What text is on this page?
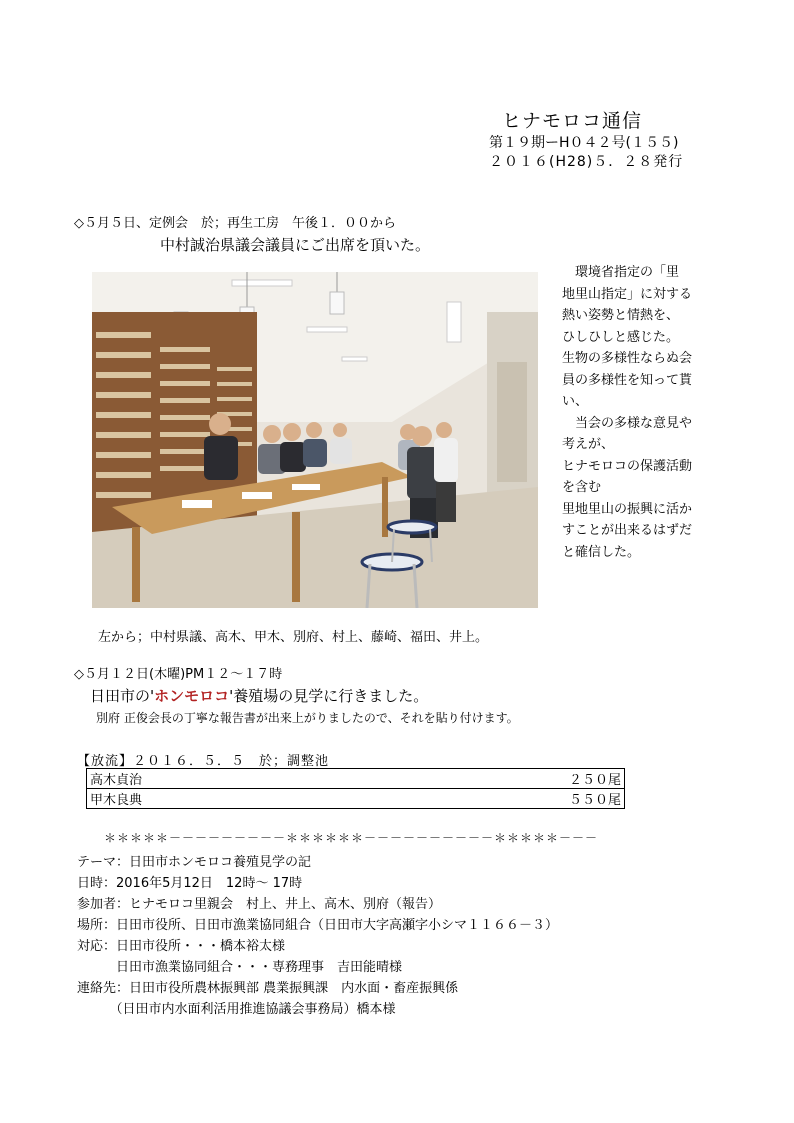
ヒナモロコ通信
第１９期ーH０４２号(１５５)
２０１６(H28)５．２８発行
◇５月５日、定例会　於；再生工房　午後１．００から
中村誠治県議会議員にご出席を頂いた。
　環境省指定の「里
地里山指定」に対する
熱い姿勢と情熱を、
ひしひしと感じた。
生物の多様性ならぬ会
員の多様性を知って貰
い、
　当会の多様な意見や
考えが、
ヒナモロコの保護活動
を含む
里地里山の振興に活か
すことが出来るはずだ
と確信した。
左から；中村県議、高木、甲木、別府、村上、藤崎、福田、井上。
◇５月１２日(木曜)PM１２～１７時
日田市の'ホンモロコ'養殖場の見学に行きました。
別府 正俊会長の丁寧な報告書が出来上がりましたので、それを貼り付けます。
【放流】２０１６．５．５　於；調整池
高木貞治	２５０尾
甲木良典	５５０尾
＊＊＊＊＊－－－－－－－－－＊＊＊＊＊＊－－－－－－－－－－＊＊＊＊＊－－－
テーマ：日田市ホンモロコ養殖見学の記
日時：2016年5月12日　12時～ 17時
参加者：ヒナモロコ里親会　村上、井上、高木、別府（報告）
場所：日田市役所、日田市漁業協同組合（日田市大字高瀬字小シマ１１６６－３）
対応：日田市役所・・・橋本裕太様
　　　日田市漁業協同組合・・・専務理事　吉田能晴様
連絡先：日田市役所農林振興部 農業振興課　内水面・畜産振興係
　　　（日田市内水面利活用推進協議会事務局）橋本様
